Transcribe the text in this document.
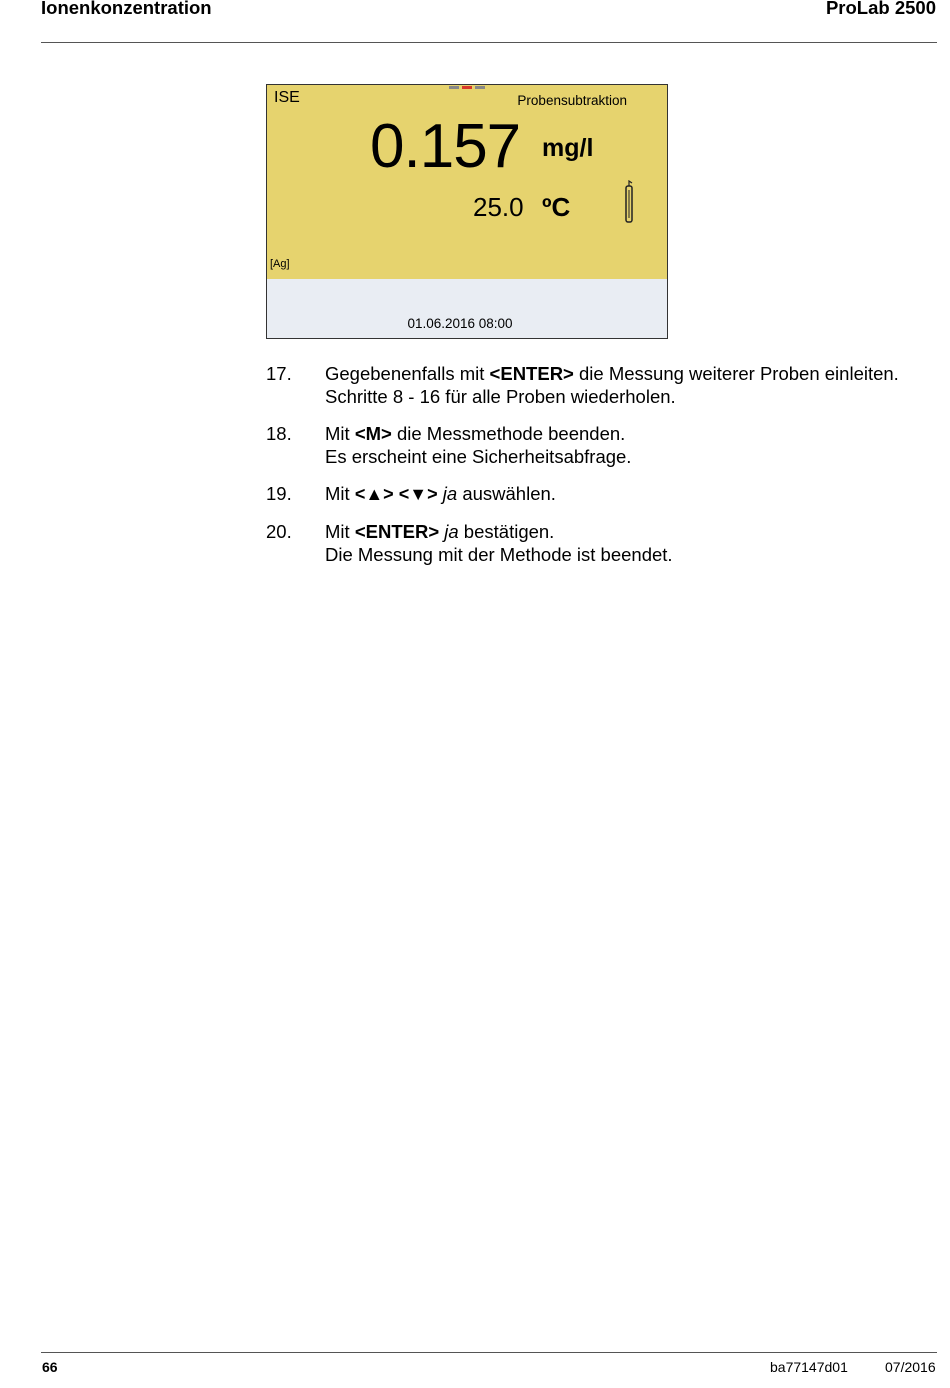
Ionenkonzentration	ProLab 2500
ISE	Probensubtraktion
0.157 mg/l
25.0 ºC
[Ag]
01.06.2016 08:00
17. Gegebenenfalls mit <ENTER> die Messung weiterer Proben einleiten.
Schritte 8 - 16 für alle Proben wiederholen.
18. Mit <M> die Messmethode beenden.
Es erscheint eine Sicherheitsabfrage.
19. Mit <▲> <▼> ja auswählen.
20. Mit <ENTER> ja bestätigen.
Die Messung mit der Methode ist beendet.
66	ba77147d01	07/2016
